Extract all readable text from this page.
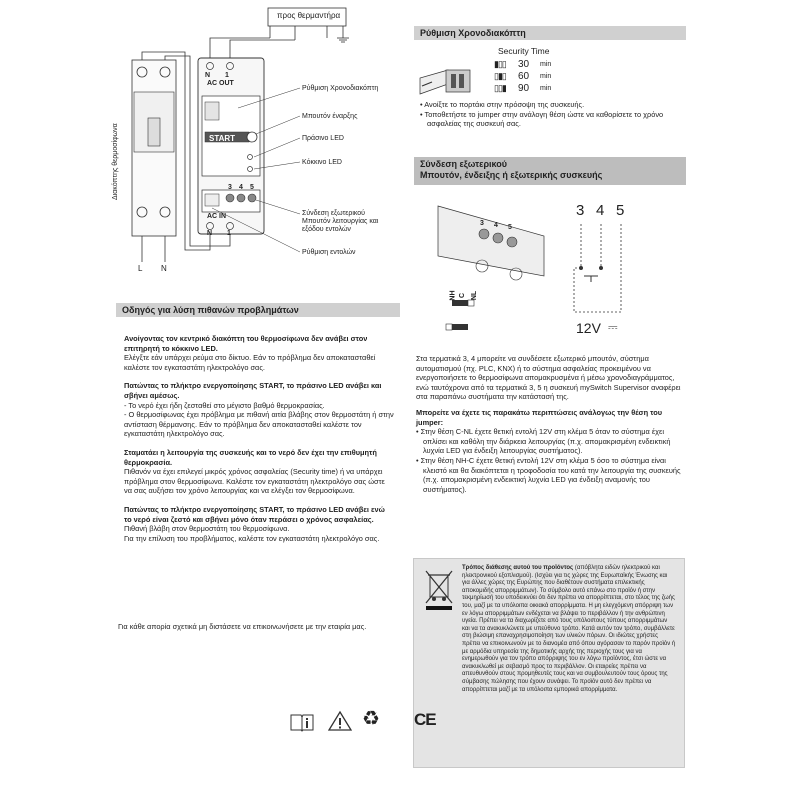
προς θερμαντήρα
Διακόπτης θερμοσίφωνα
N 1
AC OUT
START
3 4 5
AC IN
N 1
L N
Ρύθμιση Χρονοδιακόπτη
Μπουτόν έναρξης
Πράσινο LED
Κόκκινο LED
Σύνδεση εξωτερικού Μπουτόν λειτουργίας και εξόδου εντολών
Ρύθμιση εντολών
Ρύθμιση Χρονοδιακόπτη
Security Time
▮▯▯	30	min
▯▮▯	60	min
▯▯▮	90	min

• Ανοίξτε το πορτάκι στην πρόσοψη της συσκευής.

• Τοποθετήστε το jumper στην ανάλογη θέση ώστε να καθορίσετε το χρόνο ασφαλείας της συσκευή σας.

Σύνδεση εξωτερικού
Μπουτόν, ένδειξης ή εξωτερικής συσκευής
3 4 5
NH C NL
3 4 5
12V ⎓

Στα τερματικά 3, 4 μπορείτε να συνδέσετε εξωτερικό μπουτόν, σύστημα αυτοματισμού (πχ. PLC, KNX) ή το σύστημα ασφαλείας προκειμένου να ενεργοποιήσετε το θερμοσίφωνα απομακρυσμένα ή μέσω χρονοδιαγράμματος, ενώ ταυτόχρονα από τα τερματικά 3, 5 η συσκευή mySwitch Supervisor αναφέρει στα παραπάνω συστήματα την κατάστασή της.

Μπορείτε να έχετε τις παρακάτω περιπτώσεις ανάλογως την θέση του jumper:

• Στην θέση C-NL έχετε θετική εντολή 12V στη κλέμα 5 όταν το σύστημα έχει οπλίσει και καθόλη την διάρκεια λειτουργίας (π.χ. απομακρισμένη ενδεικτική λυχνία LED για ένδειξη λειτουργίας συστήματος).

• Στην θέση NH-C έχετε θετική εντολή 12V στη κλέμα 5 όσο το σύστημα είναι κλειστό και θα διακόπτεται η τροφοδοσία του κατά την λειτουργία της συσκευής (π.χ. απομακρισμένη ενδεικτική λυχνία LED για ένδειξη αναμονής του συστήματος).

Οδηγός για λύση πιθανών προβλημάτων

Ανοίγοντας τον κεντρικό διακόπτη του θερμοσίφωνα δεν ανάβει στον επιτηρητή το κόκκινο LED.

Ελέγξτε εάν υπάρχει ρεύμα στο δίκτυο. Εάν το πρόβλημα δεν αποκατασταθεί καλέστε τον εγκαταστάτη ηλεκτρολόγο σας.

Πατώντας το πλήκτρο ενεργοποίησης START, το πράσινο LED ανάβει και σβήνει αμέσως.

- Το νερό έχει ήδη ζεσταθεί στο μέγιστο βαθμό θερμοκρασίας.

- Ο θερμοσίφωνας έχει πρόβλημα με πιθανή αιτία βλάβης στον θερμοστάτη ή στην αντίσταση θέρμανσης. Εάν το πρόβλημα δεν αποκατασταθεί καλέστε τον εγκαταστάτη ηλεκτρολόγο σας.

Σταματάει η λειτουργία της συσκευής και το νερό δεν έχει την επιθυμητή θερμοκρασία.

Πιθανόν να έχει επιλεγεί μικρός χρόνος ασφαλείας (Security time) ή να υπάρχει πρόβλημα στον θερμοσίφωνα. Καλέστε τον εγκαταστάτη ηλεκτρολόγο σας ώστε να σας αυξήσει τον χρόνο λειτουργίας και να ελέγξει τον θερμοσίφωνα.

Πατώντας το πλήκτρο ενεργοποίησης START, το πράσινο LED ανάβει ενώ το νερό είναι ζεστό και σβήνει μόνο όταν περάσει ο χρόνος ασφαλείας.

Πιθανή βλάβη στον θερμοστάτη του θερμοσίφωνα.

Για την επίλυση του προβλήματος, καλέστε τον εγκαταστάτη ηλεκτρολόγο σας.

Για κάθε απορία σχετικά μη διστάσετε να επικοινωνήσετε με την εταιρία μας.

Τρόπος διάθεσης αυτού του προϊόντος (απόβλητα ειδών ηλεκτρικού και ηλεκτρονικού εξοπλισμού). (Ισχύει για τις χώρες της Ευρωπαϊκής Ένωσης και για άλλες χώρες της Ευρώπης που διαθέτουν συστήματα επιλεκτικής αποκομιδής απορριμμάτων). Το σύμβολο αυτό επάνω στο προϊόν ή στην τεκμηρίωσή του υποδεικνύει ότι δεν πρέπει να απορρίπτεται, στο τέλος της ζωής του, μαζί με τα υπόλοιπα οικιακά απορρίμματα. Η μη ελεγχόμενη απόρριψη των εν λόγω απορριμμάτων ενδέχεται να βλάψει το περιβάλλον ή την ανθρώπινη υγεία. Πρέπει να τα διαχωρίζετε από τους υπόλοιπους τύπους απορριμμάτων και να τα ανακυκλώνετε με υπεύθυνο τρόπο. Κατά αυτόν τον τρόπο, συμβάλλετε στη βιώσιμη επαναχρησιμοποίηση των υλικών πόρων. Οι ιδιώτες χρήστες πρέπει να επικοινωνούν με το διανομέα από όπου αγόρασαν το παρόν προϊόν ή με αρμόδια υπηρεσία της δημοτικής αρχής της περιοχής τους για να ενημερωθούν για τον τρόπο απόρριψης του εν λόγω προϊόντος, έτσι ώστε να ανακυκλωθεί με σεβασμό προς το περιβάλλον. Οι εταιρείες πρέπει να απευθυνθούν στους προμηθευτές τους και να συμβουλευτούν τους όρους της σύμβασης πώλησης που έχουν συνάψει. Το προϊόν αυτό δεν πρέπει να απορρίπτεται μαζί με τα υπόλοιπα εμπορικά απορρίμματα.

♻ CE
